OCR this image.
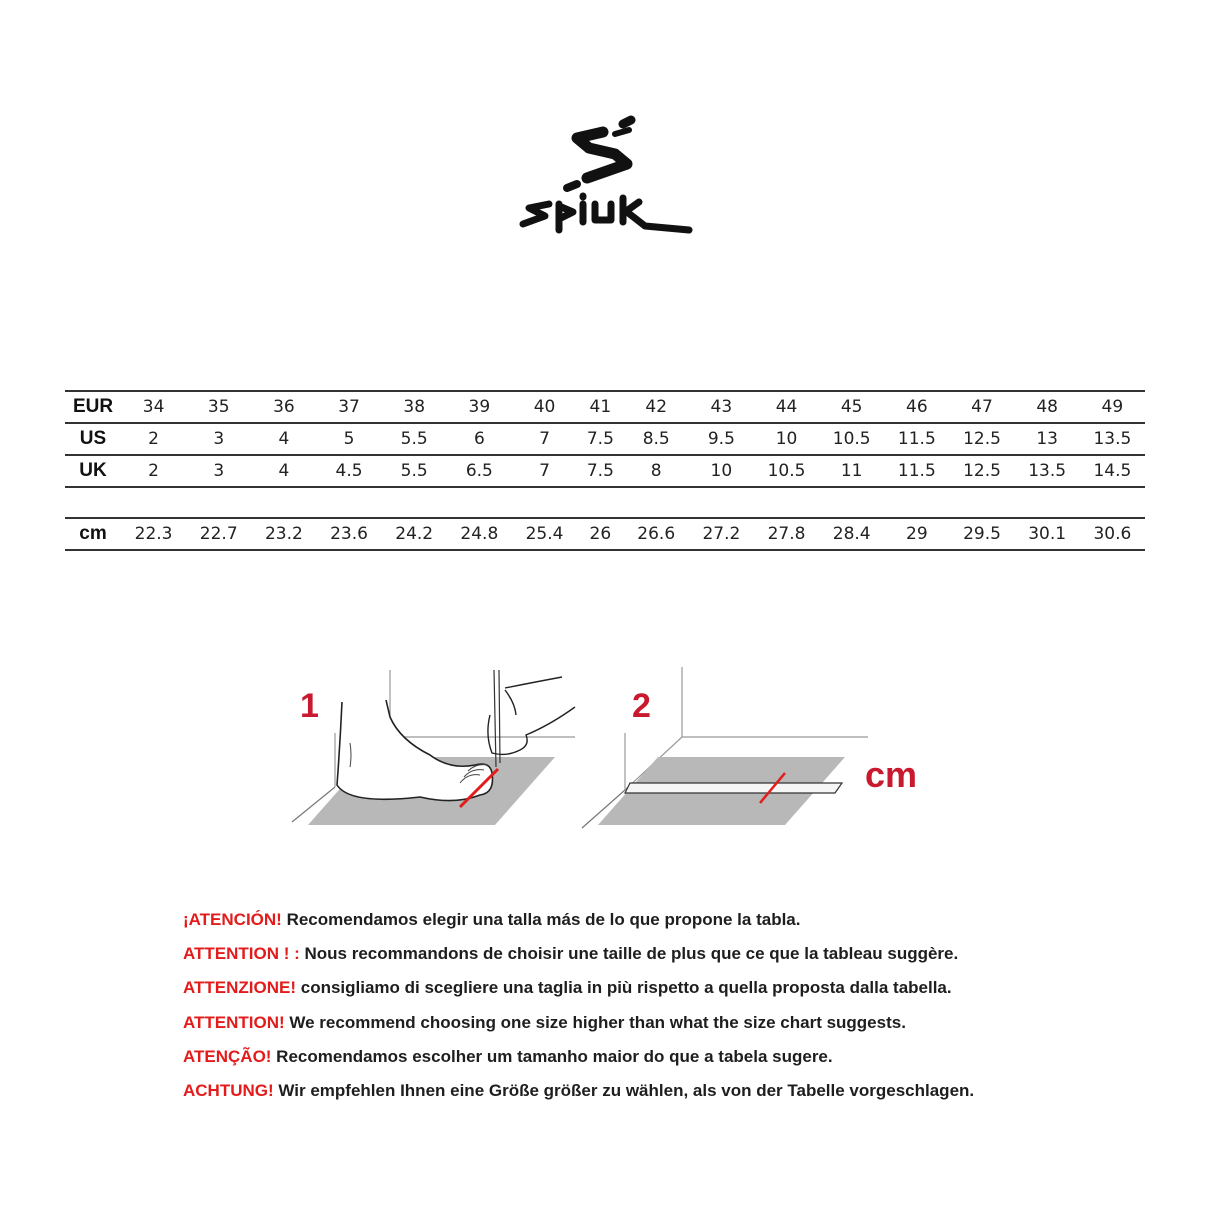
EUR	34	35	36	37	38	39	40	41	42	43	44	45	46	47	48	49
US	2	3	4	5	5.5	6	7	7.5	8.5	9.5	10	10.5	11.5	12.5	13	13.5
UK	2	3	4	4.5	5.5	6.5	7	7.5	8	10	10.5	11	11.5	12.5	13.5	14.5

cm	22.3	22.7	23.2	23.6	24.2	24.8	25.4	26	26.6	27.2	27.8	28.4	29	29.5	30.1	30.6
1	2
cm
¡ATENCIÓN! Recomendamos elegir una talla más de lo que propone la tabla.
ATTENTION ! : Nous recommandons de choisir une taille de plus que ce que la tableau suggère.
ATTENZIONE! consigliamo di scegliere una taglia in più rispetto a quella proposta dalla tabella.
ATTENTION! We recommend choosing one size higher than what the size chart suggests.
ATENÇÃO! Recomendamos escolher um tamanho maior do que a tabela sugere.
ACHTUNG! Wir empfehlen Ihnen eine Größe größer zu wählen, als von der Tabelle vorgeschlagen.
